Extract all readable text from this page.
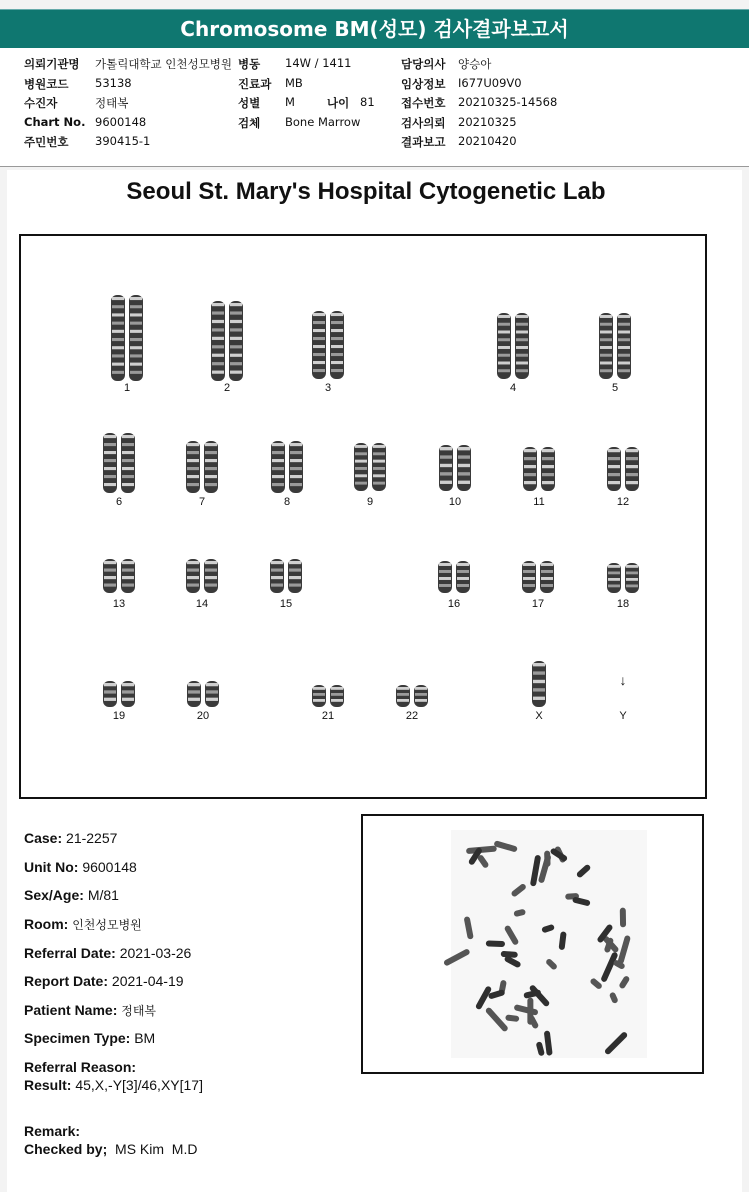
Chromosome BM(성모) 검사결과보고서
의뢰기관명 가톨릭대학교 인천성모병원
병원코드 53138
수진자	정태복
Chart No. 9600148
주민번호 390415-1
병동 14W / 1411
진료과 MB
성별 M	나이 81
검체 Bone Marrow
담당의사 양승아
임상정보 I677U09V0
접수번호 20210325-14568
검사의뢰 20210325
결과보고 20210420
Seoul St. Mary's Hospital Cytogenetic Lab
1	2	3	4	5
6	7	8	9	10	11	12
13	14	15	16	17	18
19	20	21	22	X
↓
Y
Case: 21-2257
Unit No: 9600148
Sex/Age: M/81
Room: 인천성모병원
Referral Date: 2021-03-26
Report Date: 2021-04-19
Patient Name: 정태복
Specimen Type: BM
Referral Reason:
Result: 45,X,-Y[3]/46,XY[17]
Remark:
Checked by; MS Kim  M.D
